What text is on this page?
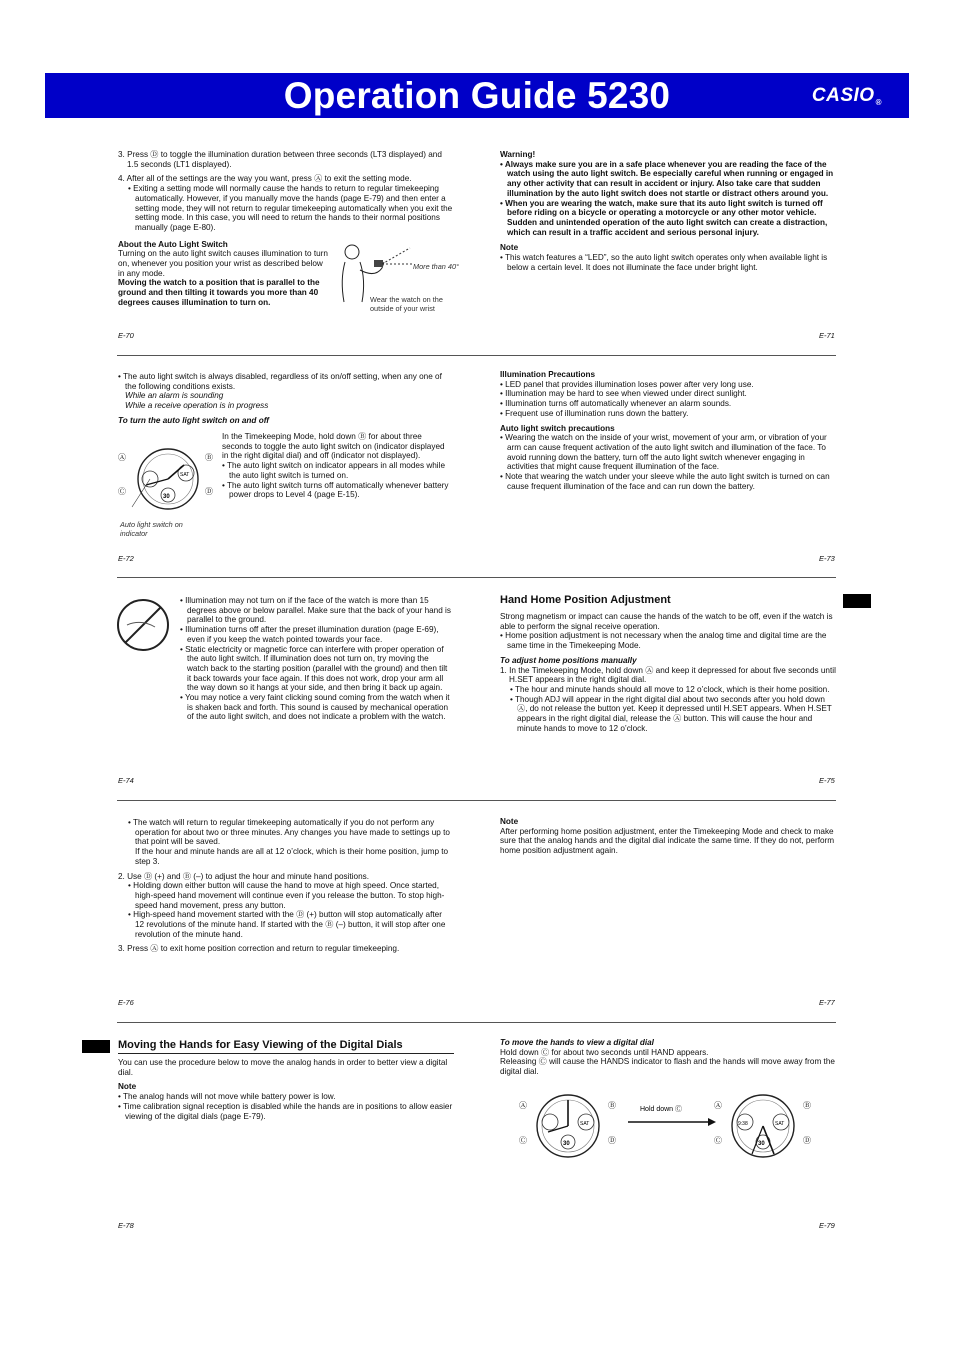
Operation Guide 5230	CASIO®

3. Press Ⓓ to toggle the illumination duration between three seconds (LT3 displayed) and 1.5 seconds (LT1 displayed).

4. After all of the settings are the way you want, press Ⓐ to exit the setting mode.

• Exiting a setting mode will normally cause the hands to return to regular timekeeping automatically. However, if you manually move the hands (page E-79) and then enter a setting mode, they will not return to regular timekeeping automatically when you exit the setting mode. In this case, you will need to return the hands to their normal positions manually (page E-80).

About the Auto Light Switch

Turning on the auto light switch causes illumination to turn on, whenever you position your wrist as described below in any mode.

Moving the watch to a position that is parallel to the ground and then tilting it towards you more than 40 degrees causes illumination to turn on.

More than 40°
Wear the watch on the outside of your wrist
E-70

Warning!

• Always make sure you are in a safe place whenever you are reading the face of the watch using the auto light switch. Be especially careful when running or engaged in any other activity that can result in accident or injury. Also take care that sudden illumination by the auto light switch does not startle or distract others around you.

• When you are wearing the watch, make sure that its auto light switch is turned off before riding on a bicycle or operating a motorcycle or any other motor vehicle. Sudden and unintended operation of the auto light switch can create a distraction, which can result in a traffic accident and serious personal injury.

Note

• This watch features a “LED”, so the auto light switch operates only when available light is below a certain level. It does not illuminate the face under bright light.

E-71

• The auto light switch is always disabled, regardless of its on/off setting, when any one of the following conditions exists.

While an alarm is sounding

While a receive operation is in progress

To turn the auto light switch on and off

In the Timekeeping Mode, hold down Ⓑ for about three seconds to toggle the auto light switch on (indicator displayed in the right digital dial) and off (indicator not displayed).

• The auto light switch on indicator appears in all modes while the auto light switch is turned on.

• The auto light switch turns off automatically whenever battery power drops to Level 4 (page E-15).

Ⓐ	Ⓑ
Ⓒ	Ⓓ
SAT
30
Auto light switch on indicator
E-72

Illumination Precautions

• LED panel that provides illumination loses power after very long use.

• Illumination may be hard to see when viewed under direct sunlight.

• Illumination turns off automatically whenever an alarm sounds.

• Frequent use of illumination runs down the battery.

Auto light switch precautions

• Wearing the watch on the inside of your wrist, movement of your arm, or vibration of your arm can cause frequent activation of the auto light switch and illumination of the face. To avoid running down the battery, turn off the auto light switch whenever engaging in activities that might cause frequent illumination of the face.

• Note that wearing the watch under your sleeve while the auto light switch is turned on can cause frequent illumination of the face and can run down the battery.

E-73

• Illumination may not turn on if the face of the watch is more than 15 degrees above or below parallel. Make sure that the back of your hand is parallel to the ground.

• Illumination turns off after the preset illumination duration (page E-69), even if you keep the watch pointed towards your face.

• Static electricity or magnetic force can interfere with proper operation of the auto light switch. If illumination does not turn on, try moving the watch back to the starting position (parallel with the ground) and then tilt it back towards your face again. If this does not work, drop your arm all the way down so it hangs at your side, and then bring it back up again.

• You may notice a very faint clicking sound coming from the watch when it is shaken back and forth. This sound is caused by mechanical operation of the auto light switch, and does not indicate a problem with the watch.

E-74
Hand Home Position Adjustment

Strong magnetism or impact can cause the hands of the watch to be off, even if the watch is able to perform the signal receive operation.

• Home position adjustment is not necessary when the analog time and digital time are the same time in the Timekeeping Mode.

To adjust home positions manually

1. In the Timekeeping Mode, hold down Ⓐ and keep it depressed for about five seconds until H.SET appears in the right digital dial.

• The hour and minute hands should all move to 12 o’clock, which is their home position.

• Though ADJ will appear in the right digital dial about two seconds after you hold down Ⓐ, do not release the button yet. Keep it depressed until H.SET appears. When H.SET appears in the right digital dial, release the Ⓐ button. This will cause the hour and minute hands to move to 12 o’clock.

E-75

• The watch will return to regular timekeeping automatically if you do not perform any operation for about two or three minutes. Any changes you have made to settings up to that point will be saved.

If the hour and minute hands are all at 12 o’clock, which is their home position, jump to step 3.

2. Use Ⓓ (+) and Ⓑ (–) to adjust the hour and minute hand positions.

• Holding down either button will cause the hand to move at high speed. Once started, high-speed hand movement will continue even if you release the button. To stop high-speed hand movement, press any button.

• High-speed hand movement started with the Ⓓ (+) button will stop automatically after 12 revolutions of the minute hand. If started with the Ⓑ (–) button, it will stop after one revolution of the minute hand.

3. Press Ⓐ to exit home position correction and return to regular timekeeping.

E-76

Note

After performing home position adjustment, enter the Timekeeping Mode and check to make sure that the analog hands and the digital dial indicate the same time. If they do not, perform home position adjustment again.

E-77
Moving the Hands for Easy Viewing of the Digital Dials

You can use the procedure below to move the analog hands in order to better view a digital dial.

Note

• The analog hands will not move while battery power is low.

• Time calibration signal reception is disabled while the hands are in positions to allow easier viewing of the digital dials (page E-79).

E-78

To move the hands to view a digital dial

Hold down Ⓒ for about two seconds until HAND appears.

Releasing Ⓒ will cause the HANDS indicator to flash and the hands will move away from the digital dial.

Ⓐ	Ⓑ
Ⓒ	Ⓓ
SAT
30
Hold down Ⓒ	Ⓐ	Ⓑ
Ⓒ	Ⓓ
9:38	SAT
30
E-79
